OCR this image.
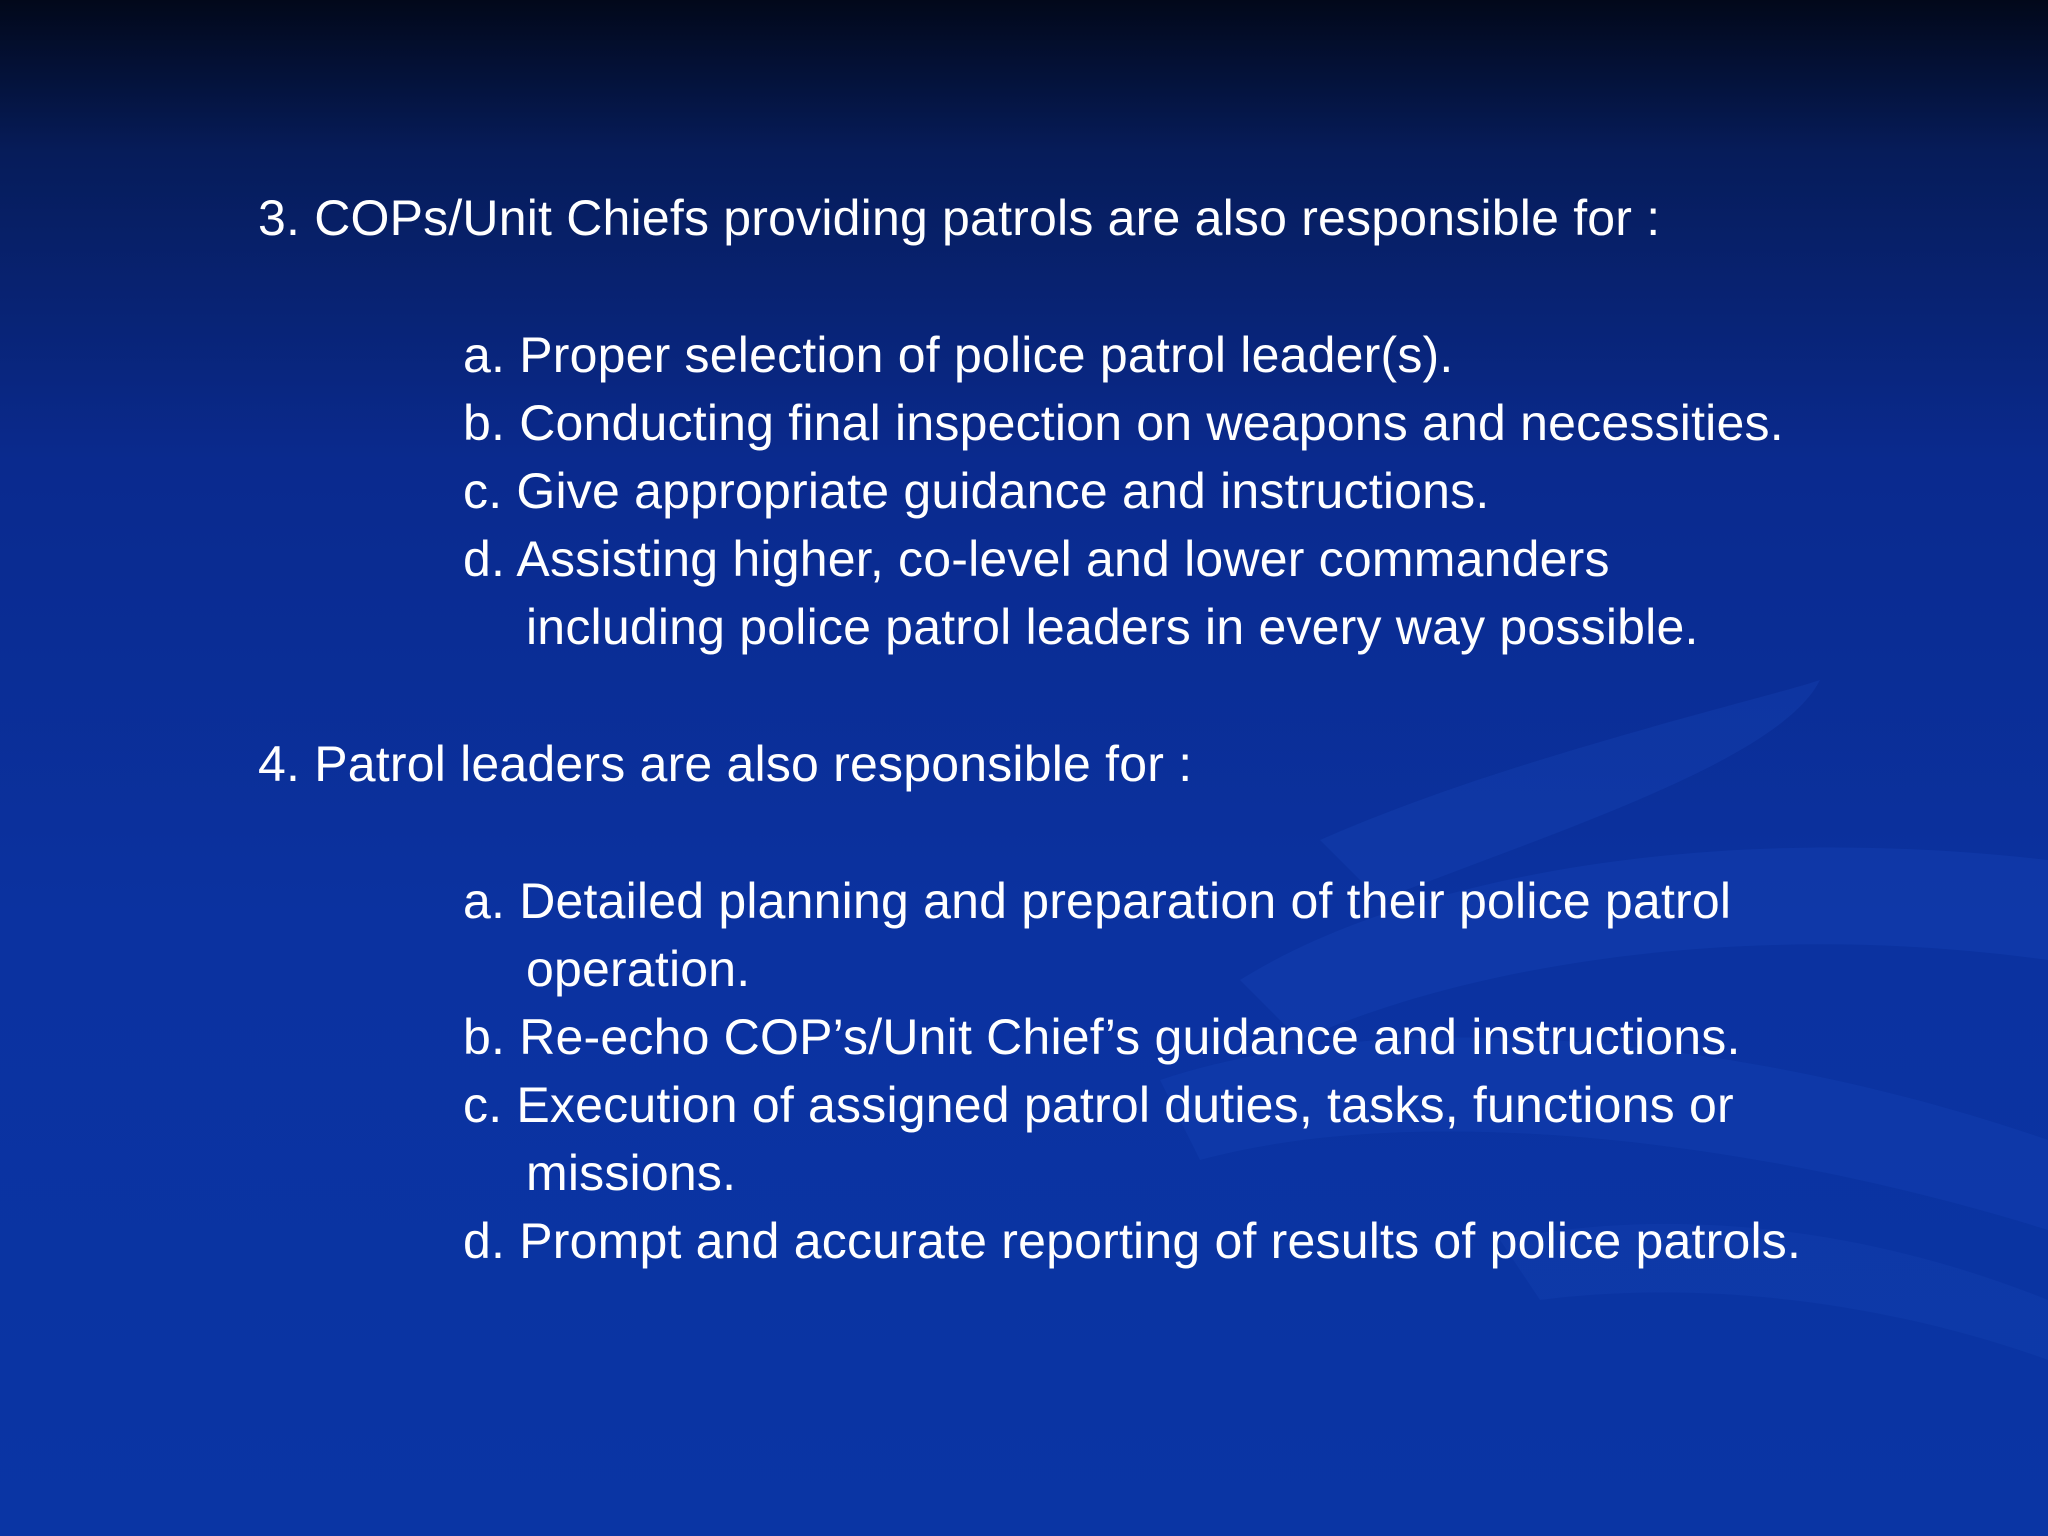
3. COPs/Unit Chiefs providing patrols are also responsible for :
a. Proper selection of police patrol leader(s).
b. Conducting final inspection on weapons and necessities.
c. Give appropriate guidance and instructions.
d. Assisting higher, co-level and lower commanders
including police patrol leaders in every way possible.
4. Patrol leaders are also responsible for :
a. Detailed planning and preparation of their police patrol
operation.
b. Re-echo COP’s/Unit Chief’s guidance and instructions.
c. Execution of assigned patrol duties, tasks, functions or
missions.
d. Prompt and accurate reporting of results of police patrols.
